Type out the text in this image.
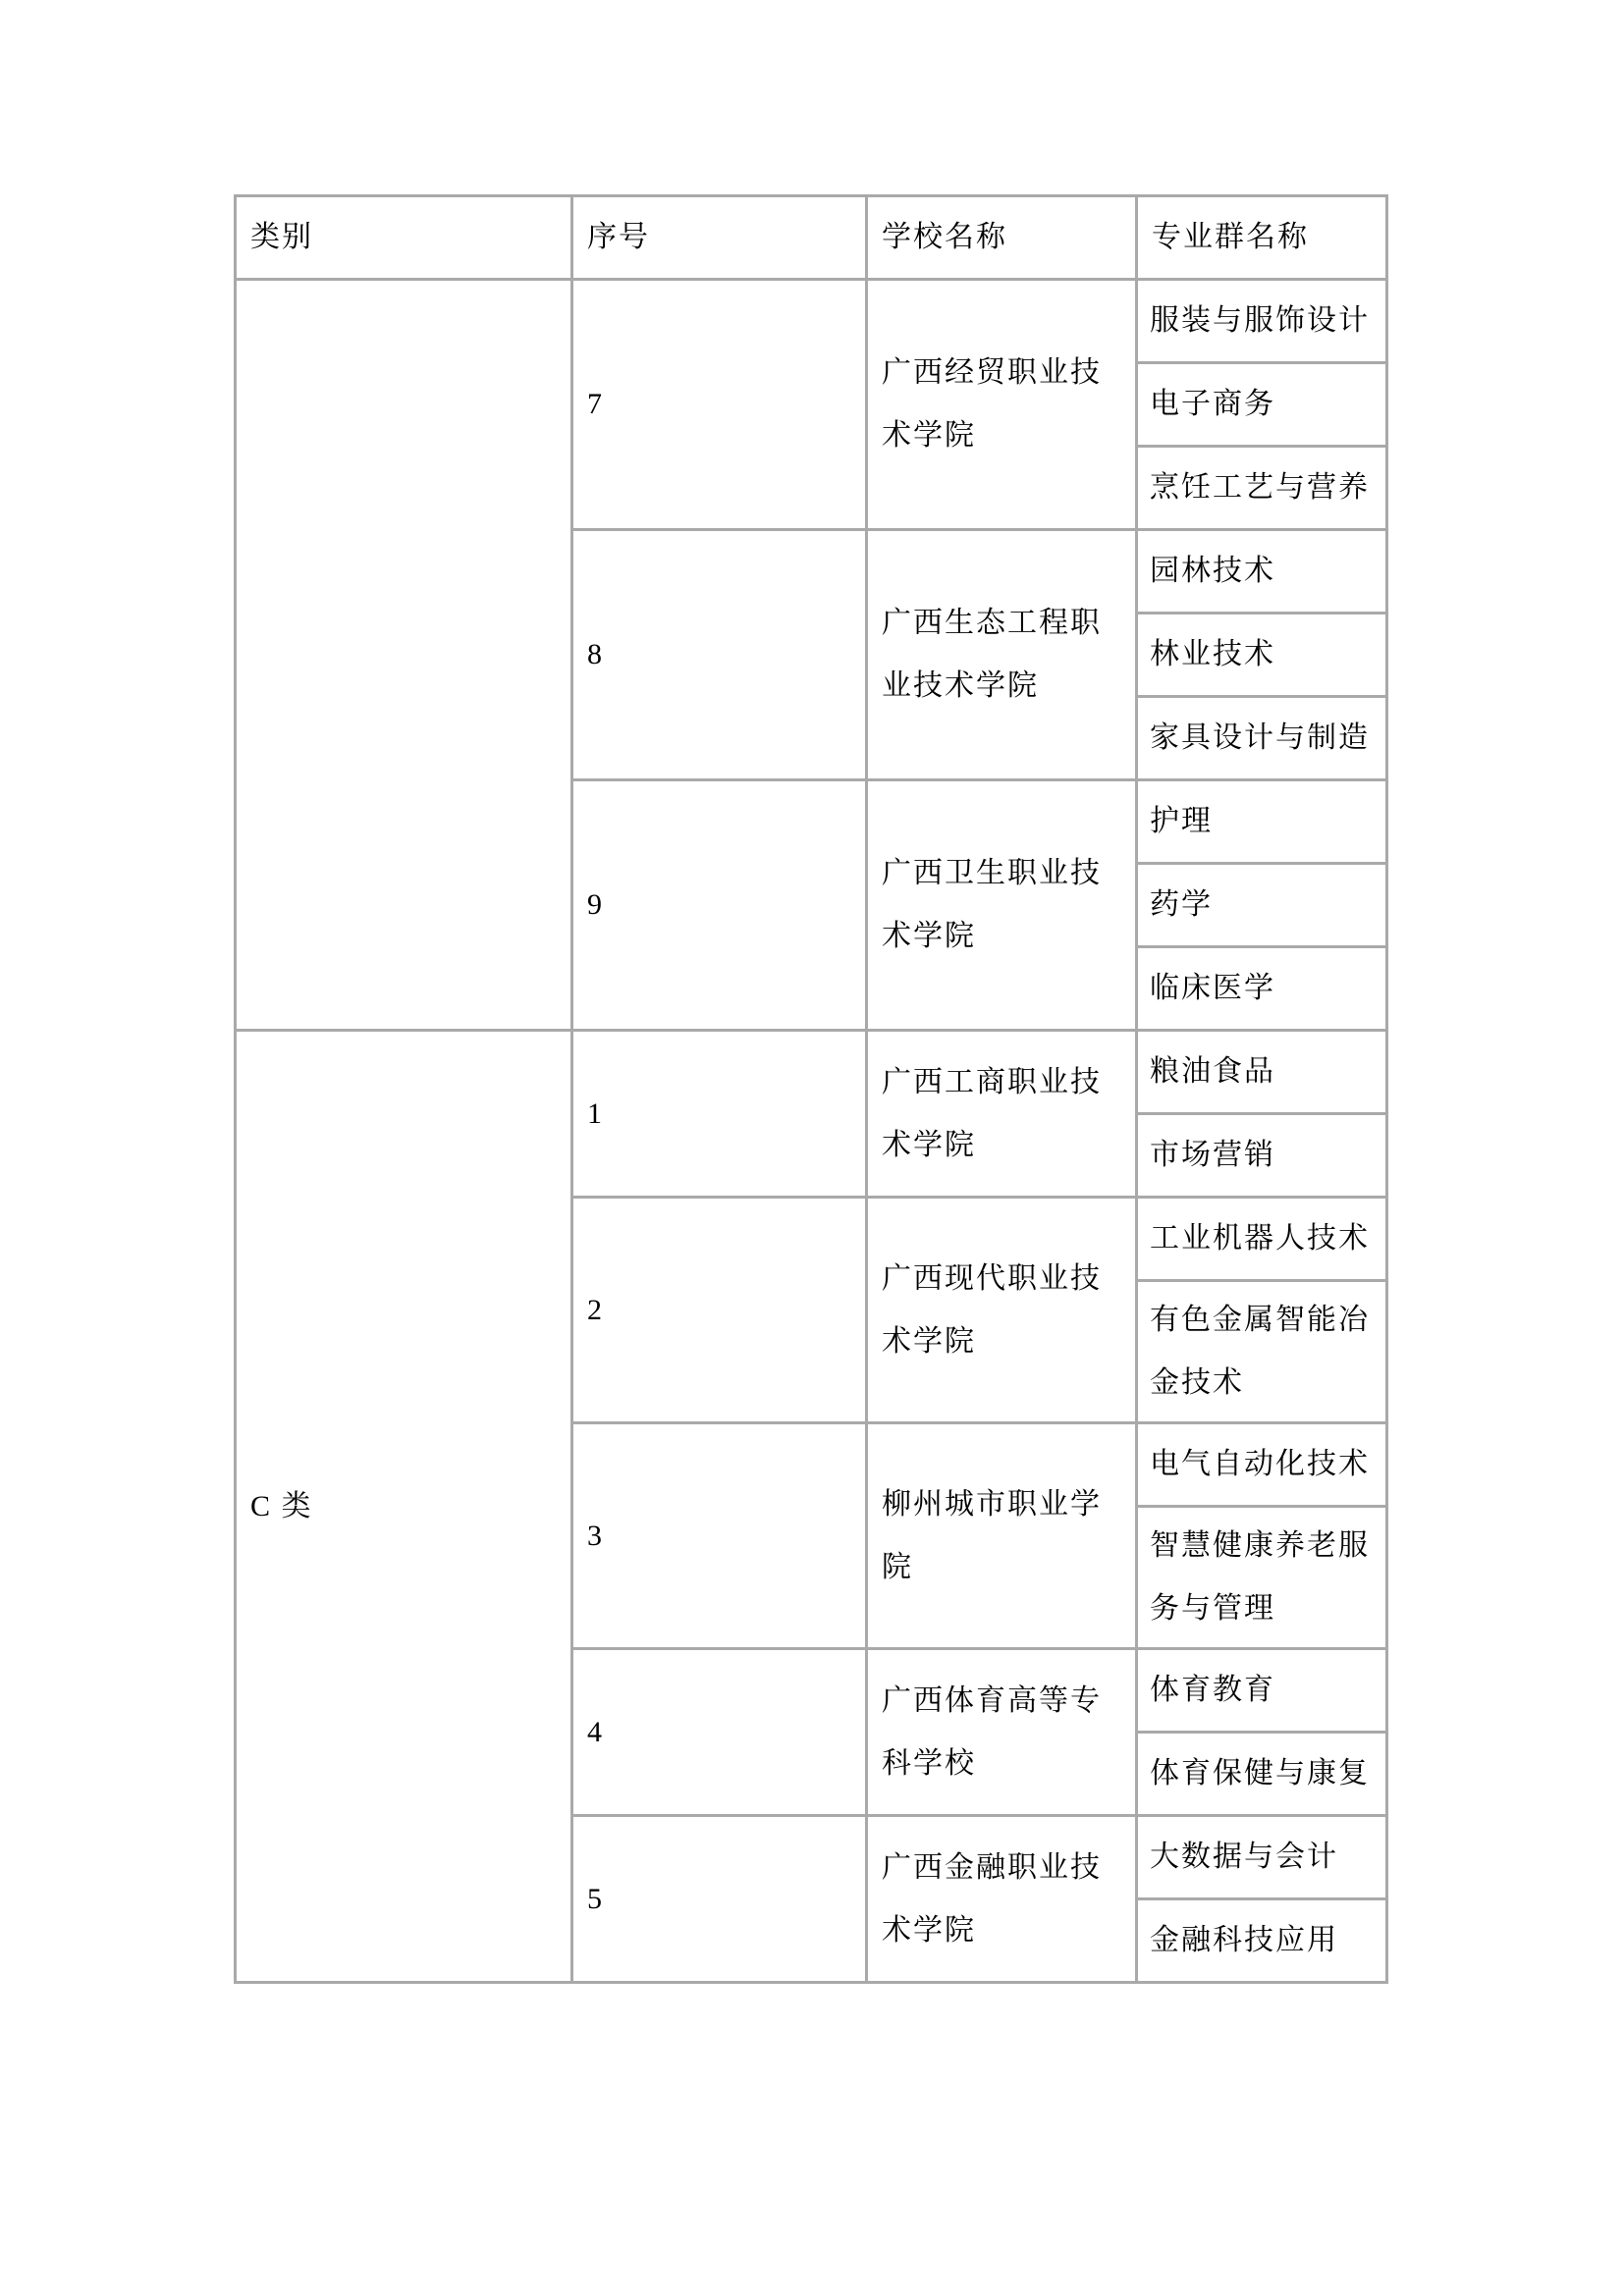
类别	序号	学校名称	专业群名称
	7	广西经贸职业技术学院	服装与服饰设计
			电子商务
			烹饪工艺与营养
	8	广西生态工程职业技术学院	园林技术
			林业技术
			家具设计与制造
	9	广西卫生职业技术学院	护理
			药学
			临床医学
C 类	1	广西工商职业技术学院	粮油食品
			市场营销
	2	广西现代职业技术学院	工业机器人技术
			有色金属智能冶金技术
	3	柳州城市职业学院	电气自动化技术
			智慧健康养老服务与管理
	4	广西体育高等专科学校	体育教育
			体育保健与康复
	5	广西金融职业技术学院	大数据与会计
			金融科技应用
